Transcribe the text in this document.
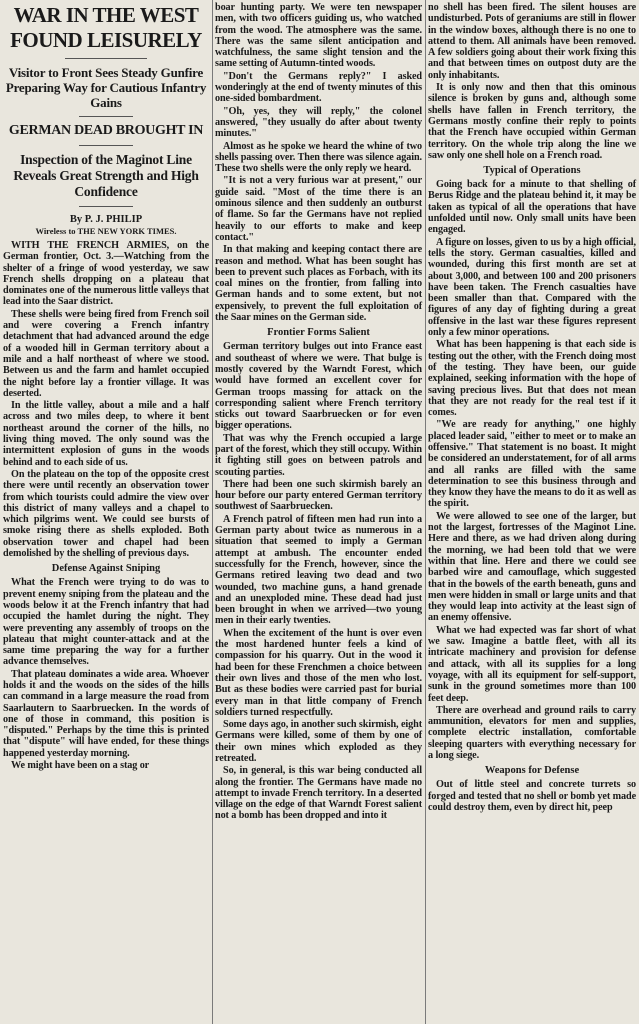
WAR IN THE WEST
FOUND LEISURELY
Visitor to Front Sees Steady Gunfire Preparing Way for Cautious Infantry Gains
GERMAN DEAD BROUGHT IN
Inspection of the Maginot Line Reveals Great Strength and High Confidence
By P. J. PHILIP
Wireless to THE NEW YORK TIMES.

WITH THE FRENCH ARMIES, on the German frontier, Oct. 3.—Watching from the shelter of a fringe of wood yesterday, we saw French shells dropping on a plateau that dominates one of the numerous little valleys that lead into the Saar district.

These shells were being fired from French soil and were covering a French infantry detachment that had advanced around the edge of a wooded hill in German territory about a mile and a half northeast of where we stood. Between us and the farm and hamlet occupied the night before lay a frontier village. It was deserted.

In the little valley, about a mile and a half across and two miles deep, to where it bent northeast around the corner of the hills, no living thing moved. The only sound was the intermittent explosion of guns in the woods behind and to each side of us.

On the plateau on the top of the opposite crest there were until recently an observation tower from which tourists could admire the view over this district of many valleys and a chapel to which pilgrims went. We could see bursts of smoke rising there as shells exploded. Both observation tower and chapel had been demolished by the shelling of previous days.

Defense Against Sniping

What the French were trying to do was to prevent enemy sniping from the plateau and the woods below it at the French infantry that had occupied the hamlet during the night. They were preventing any assembly of troops on the plateau that might counter-attack and at the same time preparing the way for a further advance themselves.

That plateau dominates a wide area. Whoever holds it and the woods on the sides of the hills can command in a large measure the road from Saarlautern to Saarbruecken. In the words of one of those in command, this position is "disputed." Perhaps by the time this is printed that "dispute" will have ended, for these things happened yesterday morning.

We might have been on a stag or

boar hunting party. We were ten newspaper men, with two officers guiding us, who watched from the wood. The atmosphere was the same. There was the same silent anticipation and watchfulness, the same slight tension and the same setting of Autumn-tinted woods.

"Don't the Germans reply?" I asked wonderingly at the end of twenty minutes of this one-sided bombardment.

"Oh, yes, they will reply," the colonel answered, "they usually do after about twenty minutes."

Almost as he spoke we heard the whine of two shells passing over. Then there was silence again. These two shells were the only reply we heard.

"It is not a very furious war at present," our guide said. "Most of the time there is an ominous silence and then suddenly an outburst of flame. So far the Germans have not replied heavily to our efforts to make and keep contact."

In that making and keeping contact there are reason and method. What has been sought has been to prevent such places as Forbach, with its coal mines on the frontier, from falling into German hands and to some extent, but not expensively, to prevent the full exploitation of the Saar mines on the German side.

Frontier Forms Salient

German territory bulges out into France east and southeast of where we were. That bulge is mostly covered by the Warndt Forest, which would have formed an excellent cover for German troops massing for attack on the corresponding salient where French territory sticks out toward Saarbruecken or for even bigger operations.

That was why the French occupied a large part of the forest, which they still occupy. Within it fighting still goes on between patrols and scouting parties.

There had been one such skirmish barely an hour before our party entered German territory southwest of Saarbruecken.

A French patrol of fifteen men had run into a German party about twice as numerous in a situation that seemed to imply a German attempt at ambush. The encounter ended successfully for the French, however, since the Germans retired leaving two dead and two wounded, two machine guns, a hand grenade and an unexploded mine. These dead had just been brought in when we arrived—two young men in their early twenties.

When the excitement of the hunt is over even the most hardened hunter feels a kind of compassion for his quarry. Out in the wood it had been for these Frenchmen a choice between their own lives and those of the men who lost. But as these bodies were carried past for burial every man in that little company of French soldiers turned respectfully.

Some days ago, in another such skirmish, eight Germans were killed, some of them by one of their own mines which exploded as they retreated.

So, in general, is this war being conducted all along the frontier. The Germans have made no attempt to invade French territory. In a deserted village on the edge of that Warndt Forest salient not a bomb has been dropped and into it

no shell has been fired. The silent houses are undisturbed. Pots of geraniums are still in flower in the window boxes, although there is no one to attend to them. All animals have been removed. A few soldiers going about their work fixing this and that between times on outpost duty are the only inhabitants.

It is only now and then that this ominous silence is broken by guns and, although some shells have fallen in French territory, the Germans mostly confine their reply to points that the French have occupied within German territory. On the whole trip along the line we saw only one shell hole on a French road.

Typical of Operations

Going back for a minute to that shelling of Berus Ridge and the plateau behind it, it may be taken as typical of all the operations that have unfolded until now. Only small units have been engaged.

A figure on losses, given to us by a high official, tells the story. German casualties, killed and wounded, during this first month are set at about 3,000, and between 100 and 200 prisoners have been taken. The French casualties have been smaller than that. Compared with the figures of any day of fighting during a great offensive in the last war these figures represent only a few minor operations.

What has been happening is that each side is testing out the other, with the French doing most of the testing. They have been, our guide explained, seeking information with the hope of saving precious lives. But that does not mean that they are not ready for the real test if it comes.

"We are ready for anything," one highly placed leader said, "either to meet or to make an offensive." That statement is no boast. It might be considered an understatement, for of all arms and all ranks are filled with the same determination to see this business through and they know they have the means to do it as well as the spirit.

We were allowed to see one of the larger, but not the largest, fortresses of the Maginot Line. Here and there, as we had driven along during the morning, we had been told that we were within that line. Here and there we could see barbed wire and camouflage, which suggested that in the bowels of the earth beneath, guns and men were hidden in small or large units and that they would leap into activity at the least sign of an enemy offensive.

What we had expected was far short of what we saw. Imagine a battle fleet, with all its intricate machinery and provision for defense and attack, with all its supplies for a long voyage, with all its equipment for self-support, sunk in the ground sometimes more than 100 feet deep.

There are overhead and ground rails to carry ammunition, elevators for men and supplies, complete electric installation, comfortable sleeping quarters with everything necessary for a long siege.

Weapons for Defense

Out of little steel and concrete turrets so forged and tested that no shell or bomb yet made could destroy them, even by direct hit, peep
